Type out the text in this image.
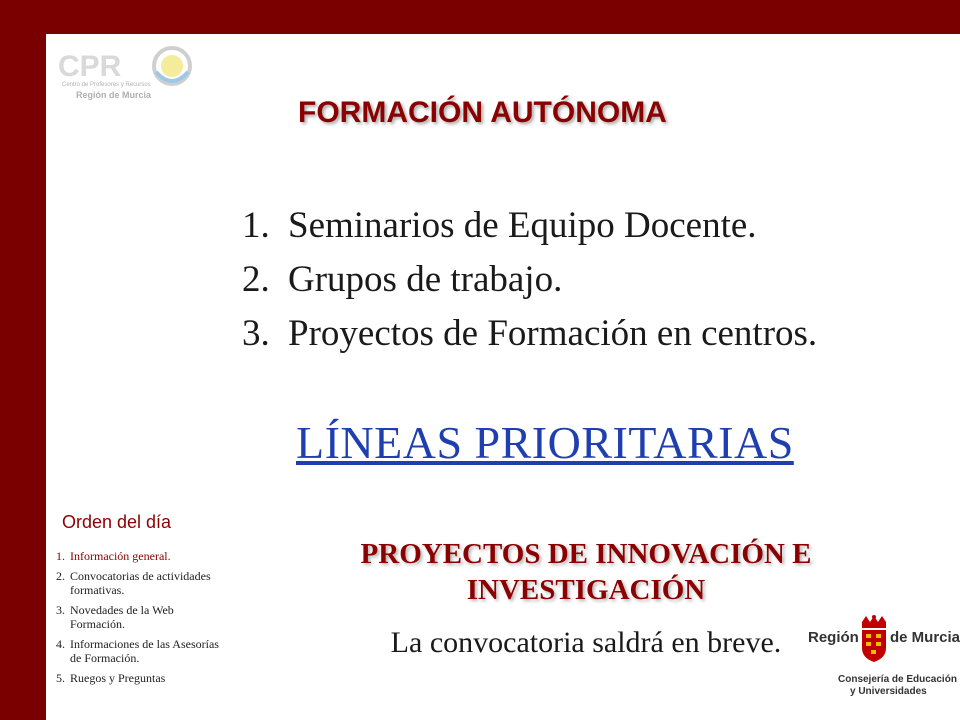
CPR
Centro de Profesores y Recursos
Región de Murcia
FORMACIÓN AUTÓNOMA
1. Seminarios de Equipo Docente.
2. Grupos de trabajo.
3. Proyectos de Formación en centros.
LÍNEAS PRIORITARIAS
PROYECTOS DE INNOVACIÓN E INVESTIGACIÓN
La convocatoria saldrá en breve.
Orden del día
1. Información general.
2. Convocatorias de actividades formativas.
3. Novedades de la Web Formación.
4. Informaciones de las Asesorías de Formación.
5. Ruegos y Preguntas
Región de Murcia
Consejería de Educación
y Universidades
